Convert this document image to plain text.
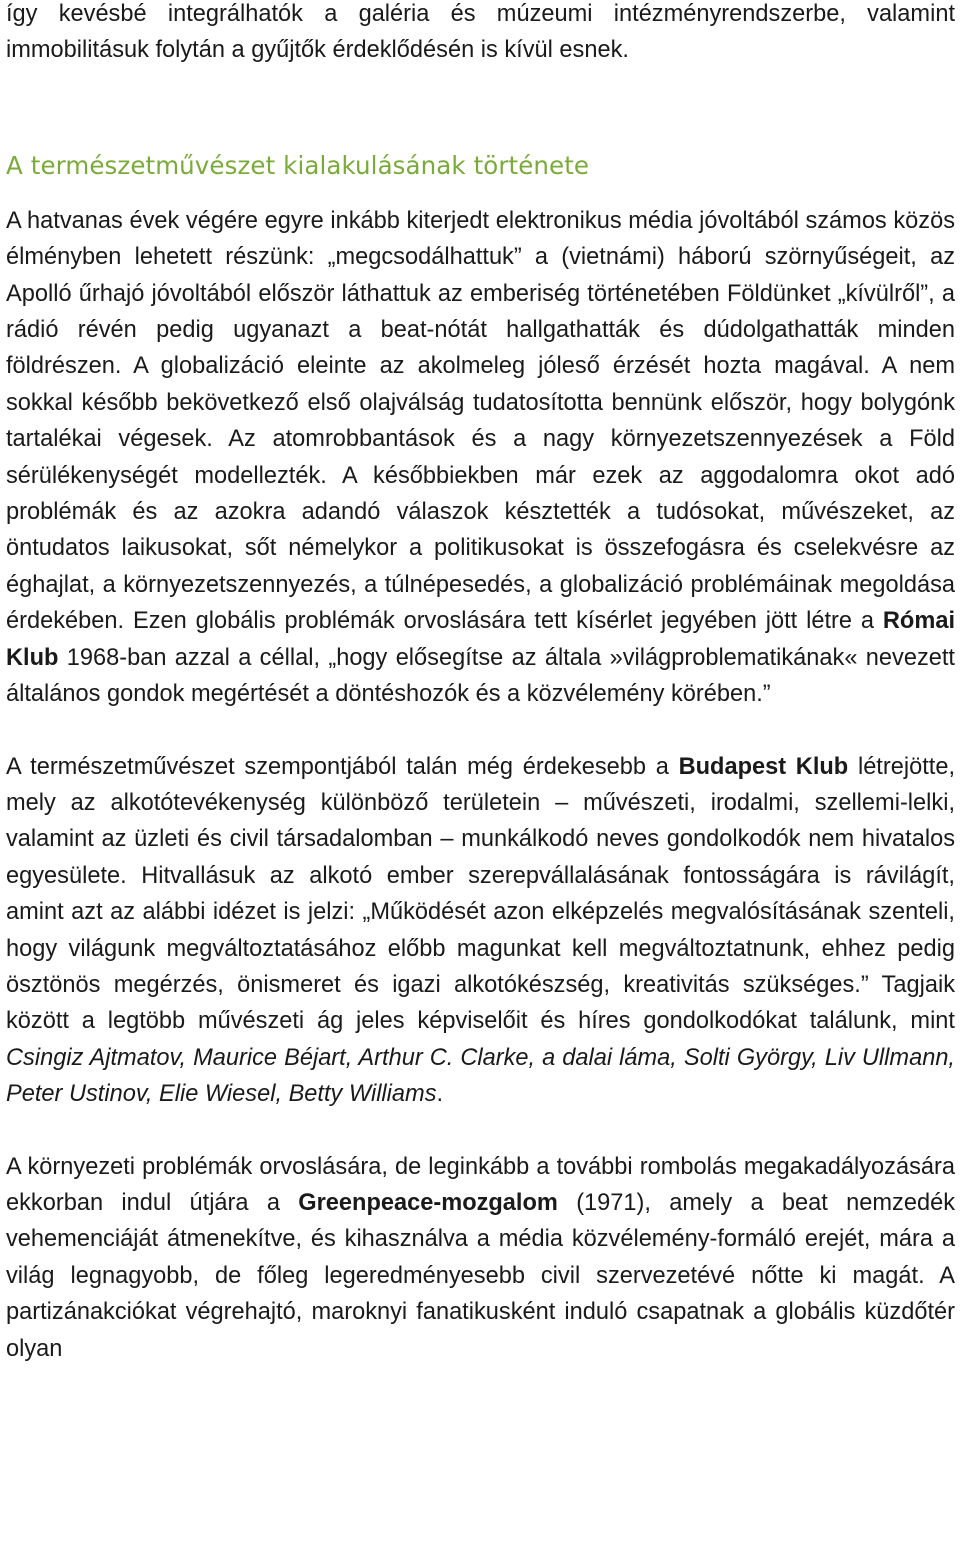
így kevésbé integrálhatók a galéria és múzeumi intézményrendszerbe, valamint immobilitásuk folytán a gyűjtők érdeklődésén is kívül esnek.

A természetművészet kialakulásának története

A hatvanas évek végére egyre inkább kiterjedt elektronikus média jóvoltából számos közös élményben lehetett részünk: „megcsodálhattuk” a (vietnámi) háború szörnyűségeit, az Apolló űrhajó jóvoltából először láthattuk az emberiség történetében Földünket „kívülről”, a rádió révén pedig ugyanazt a beat-nótát hallgathatták és dúdolgathatták minden földrészen. A globalizáció eleinte az akolmeleg jóleső érzését hozta magával. A nem sokkal később bekövetkező első olajválság tudatosította bennünk először, hogy bolygónk tartalékai végesek. Az atomrobbantások és a nagy környezetszennyezések a Föld sérülékenységét modellezték. A későbbiekben már ezek az aggodalomra okot adó problémák és az azokra adandó válaszok késztették a tudósokat, művészeket, az öntudatos laikusokat, sőt némelykor a politikusokat is összefogásra és cselekvésre az éghajlat, a környezetszennyezés, a túlnépesedés, a globalizáció problémáinak megoldása érdekében. Ezen globális problémák orvoslására tett kísérlet jegyében jött létre a Római Klub 1968-ban azzal a céllal, „hogy elősegítse az általa »világproblematikának« nevezett általános gondok megértését a döntéshozók és a közvélemény körében.”

A természetművészet szempontjából talán még érdekesebb a Budapest Klub létrejötte, mely az alkotótevékenység különböző területein – művészeti, irodalmi, szellemi-lelki, valamint az üzleti és civil társadalomban – munkálkodó neves gondolkodók nem hivatalos egyesülete. Hitvallásuk az alkotó ember szerepvállalásának fontosságára is rávilágít, amint azt az alábbi idézet is jelzi: „Működését azon elképzelés megvalósításának szenteli, hogy világunk megváltoztatásához előbb magunkat kell megváltoztatnunk, ehhez pedig ösztönös megérzés, önismeret és igazi alkotókészség, kreativitás szükséges.” Tagjaik között a legtöbb művészeti ág jeles képviselőit és híres gondolkodókat találunk, mint Csingiz Ajtmatov, Maurice Béjart, Arthur C. Clarke, a dalai láma, Solti György, Liv Ullmann, Peter Ustinov, Elie Wiesel, Betty Williams.

A környezeti problémák orvoslására, de leginkább a további rombolás megakadályozására ekkorban indul útjára a Greenpeace-mozgalom (1971), amely a beat nemzedék vehemenciáját átmenekítve, és kihasználva a média közvélemény-formáló erejét, mára a világ legnagyobb, de főleg legeredményesebb civil szervezetévé nőtte ki magát. A partizánakciókat végrehajtó, maroknyi fanatikusként induló csapatnak a globális küzdőtér olyan
